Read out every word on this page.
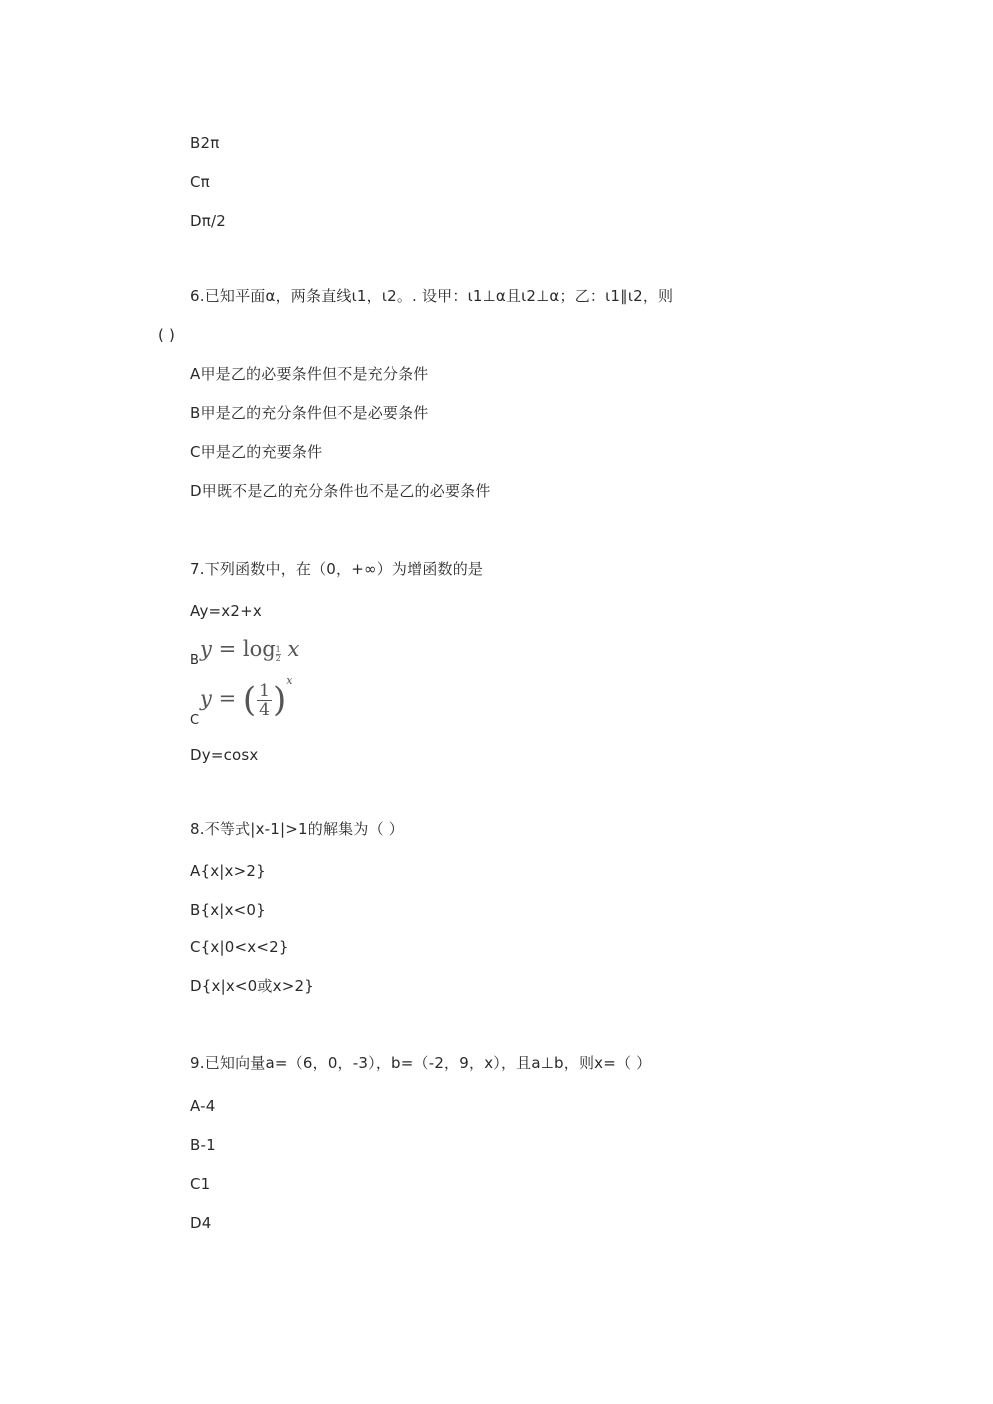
B2π
Cπ
Dπ/2
6.已知平面α，两条直线ι1，ι2。. 设甲：ι1⊥α且ι2⊥α；乙：ι1∥ι2，则
( )
A甲是乙的必要条件但不是充分条件
B甲是乙的充分条件但不是必要条件
C甲是乙的充要条件
D甲既不是乙的充分条件也不是乙的必要条件
7.下列函数中，在（0，+∞）为增函数的是
Ay=x2+x
B $y = \log \frac{1}{2}$ x
C
y = ( $\frac{1}{4} )^x$
Dy=cosx
8.不等式|x-1|>1的解集为（ ）
A{x|x>2}
B{x|x<0}
C{x|0<x<2}
D{x|x<0或x>2}
9.已知向量a=（6，0，-3），b=（-2，9，x），且a⊥b，则x=（ ）
A-4
B-1
C1
D4
